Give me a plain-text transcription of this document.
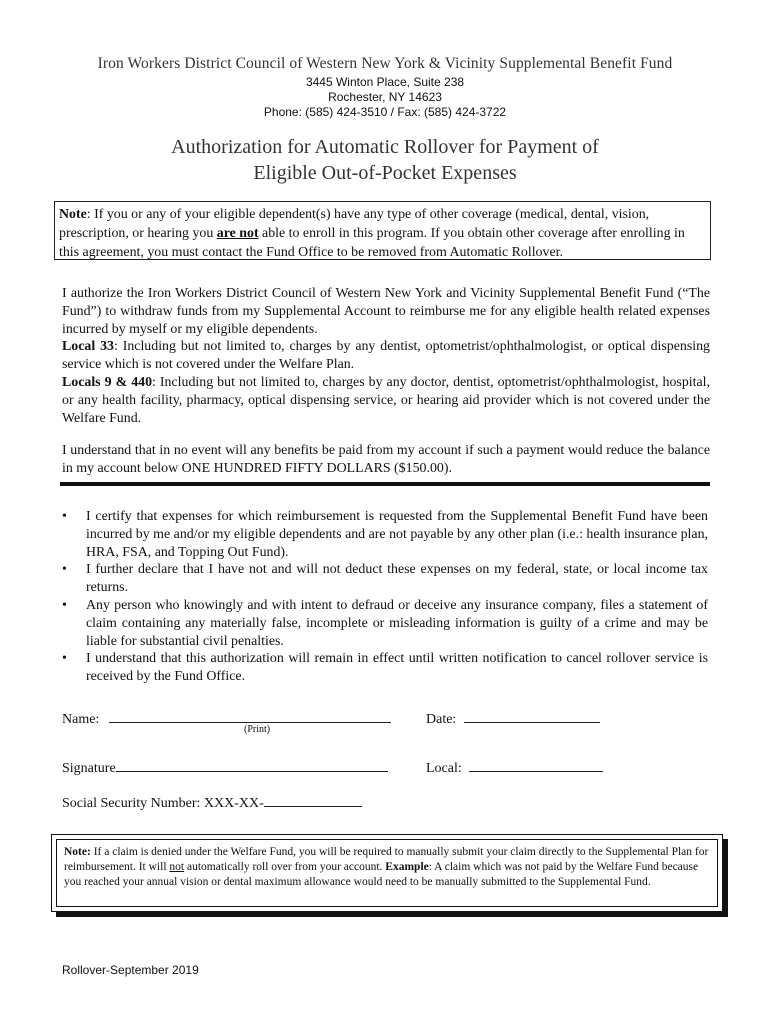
Iron Workers District Council of Western New York & Vicinity Supplemental Benefit Fund
3445 Winton Place, Suite 238
Rochester, NY 14623
Phone: (585) 424-3510 / Fax: (585) 424-3722
Authorization for Automatic Rollover for Payment of
Eligible Out-of-Pocket Expenses
Note: If you or any of your eligible dependent(s) have any type of other coverage (medical, dental, vision, prescription, or hearing you are not able to enroll in this program. If you obtain other coverage after enrolling in this agreement, you must contact the Fund Office to be removed from Automatic Rollover.
I authorize the Iron Workers District Council of Western New York and Vicinity Supplemental Benefit Fund (“The Fund”) to withdraw funds from my Supplemental Account to reimburse me for any eligible health related expenses incurred by myself or my eligible dependents.
Local 33: Including but not limited to, charges by any dentist, optometrist/ophthalmologist, or optical dispensing service which is not covered under the Welfare Plan.
Locals 9 & 440: Including but not limited to, charges by any doctor, dentist, optometrist/ophthalmologist, hospital, or any health facility, pharmacy, optical dispensing service, or hearing aid provider which is not covered under the Welfare Fund.
I understand that in no event will any benefits be paid from my account if such a payment would reduce the balance in my account below ONE HUNDRED FIFTY DOLLARS ($150.00).
• I certify that expenses for which reimbursement is requested from the Supplemental Benefit Fund have been incurred by me and/or my eligible dependents and are not payable by any other plan (i.e.: health insurance plan, HRA, FSA, and Topping Out Fund).
• I further declare that I have not and will not deduct these expenses on my federal, state, or local income tax returns.
• Any person who knowingly and with intent to defraud or deceive any insurance company, files a statement of claim containing any materially false, incomplete or misleading information is guilty of a crime and may be liable for substantial civil penalties.
• I understand that this authorization will remain in effect until written notification to cancel rollover service is received by the Fund Office.
Name:
(Print)
Date:
Signature	Local:
Social Security Number: XXX-XX-
Note: If a claim is denied under the Welfare Fund, you will be required to manually submit your claim directly to the Supplemental Plan for reimbursement. It will not automatically roll over from your account. Example: A claim which was not paid by the Welfare Fund because you reached your annual vision or dental maximum allowance would need to be manually submitted to the Supplemental Fund.
Rollover-September 2019
